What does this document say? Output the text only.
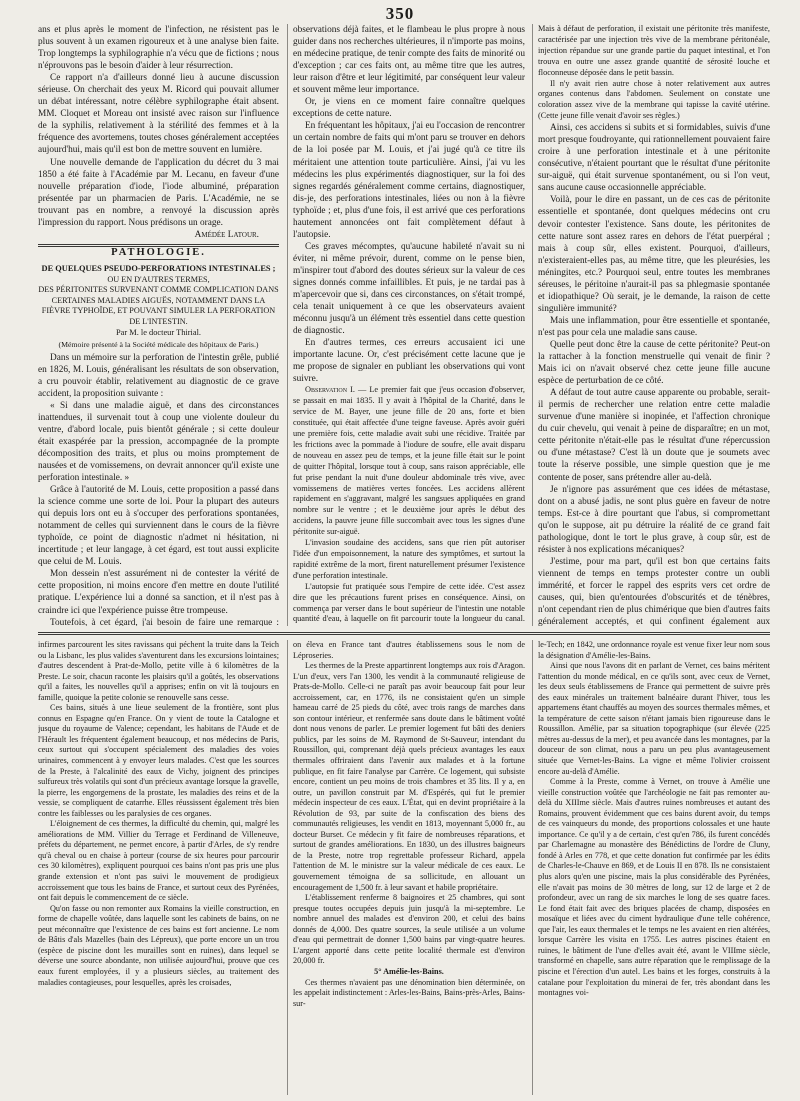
350

ans et plus après le moment de l'infection, ne résistent pas le plus souvent à un examen rigoureux et à une analyse bien faite. Trop longtemps la syphilographie n'a vécu que de fictions ; nous n'éprouvons pas le besoin d'aider à leur résurrection.

Ce rapport n'a d'ailleurs donné lieu à aucune discussion sérieuse. On cherchait des yeux M. Ricord qui pouvait allumer un débat intéressant, notre célèbre syphilographe était absent. MM. Cloquet et Moreau ont insisté avec raison sur l'influence de la syphilis, relativement à la stérilité des femmes et à la fréquence des avortemens, toutes choses généralement acceptées aujourd'hui, mais qu'il est bon de mettre souvent en lumière.

Une nouvelle demande de l'application du décret du 3 mai 1850 a été faite à l'Académie par M. Lecanu, en faveur d'une nouvelle préparation d'iode, l'iode albuminé, préparation présentée par un pharmacien de Paris. L'Académie, ne se trouvant pas en nombre, a renvoyé la discussion après l'impression du rapport. Nous prédisons un orage.

Amédée Latour.

PATHOLOGIE.

DE QUELQUES PSEUDO-PERFORATIONS INTESTINALES ;

OU EN D'AUTRES TERMES,

DES PÉRITONITES SURVENANT COMME COMPLICATION DANS CERTAINES MALADIES AIGUËS, NOTAMMENT DANS LA FIÈVRE TYPHOÏDE, ET POUVANT SIMULER LA PERFORATION DE L'INTESTIN.

Par M. le docteur Thirial.

(Mémoire présenté à la Société médicale des hôpitaux de Paris.)

Dans un mémoire sur la perforation de l'intestin grêle, publié en 1826, M. Louis, généralisant les résultats de son observation, a cru pouvoir établir, relativement au diagnostic de ce grave accident, la proposition suivante :

« Si dans une maladie aiguë, et dans des circonstances inattendues, il survenait tout à coup une violente douleur du ventre, d'abord locale, puis bientôt générale ; si cette douleur était exaspérée par la pression, accompagnée de la prompte décomposition des traits, et plus ou moins promptement de nausées et de vomissemens, on devrait annoncer qu'il existe une perforation intestinale. »

Grâce à l'autorité de M. Louis, cette proposition a passé dans la science comme une sorte de loi. Pour la plupart des auteurs qui depuis lors ont eu à s'occuper des perforations spontanées, notamment de celles qui surviennent dans le cours de la fièvre typhoïde, ce point de diagnostic n'admet ni hésitation, ni incertitude ; et leur langage, à cet égard, est tout aussi explicite que celui de M. Louis.

Mon dessein n'est assurément ni de contester la vérité de cette proposition, ni moins encore d'en mettre en doute l'utilité pratique. L'expérience lui a donné sa sanction, et il n'est pas à craindre ici que l'expérience puisse être trompeuse.

Toutefois, à cet égard, j'ai besoin de faire une remarque :

observations déjà faites, et le flambeau le plus propre à nous guider dans nos recherches ultérieures, il n'importe pas moins, en médecine pratique, de tenir compte des faits de minorité ou d'exception ; car ces faits ont, au même titre que les autres, leur raison d'être et leur légitimité, par conséquent leur valeur et souvent même leur importance.

Or, je viens en ce moment faire connaître quelques exceptions de cette nature.

En fréquentant les hôpitaux, j'ai eu l'occasion de rencontrer un certain nombre de faits qui m'ont paru se trouver en dehors de la loi posée par M. Louis, et j'ai jugé qu'à ce titre ils méritaient une attention toute particulière. Ainsi, j'ai vu les médecins les plus expérimentés diagnostiquer, sur la foi des signes regardés généralement comme certains, diagnostiquer, dis-je, des perforations intestinales, liées ou non à la fièvre typhoïde ; et, plus d'une fois, il est arrivé que ces perforations hautement annoncées ont fait complètement défaut à l'autopsie.

Ces graves mécomptes, qu'aucune habileté n'avait su ni éviter, ni même prévoir, durent, comme on le pense bien, m'inspirer tout d'abord des doutes sérieux sur la valeur de ces signes donnés comme infaillibles. Et puis, je ne tardai pas à m'apercevoir que si, dans ces circonstances, on s'était trompé, cela tenait uniquement à ce que les observateurs avaient méconnu jusqu'à un élément très essentiel dans cette question de diagnostic.

En d'autres termes, ces erreurs accusaient ici une importante lacune. Or, c'est précisément cette lacune que je me propose de signaler en publiant les observations qui vont suivre.

Observation I. — Le premier fait que j'eus occasion d'observer, se passait en mai 1835. Il y avait à l'hôpital de la Charité, dans le service de M. Bayer, une jeune fille de 20 ans, forte et bien constituée, qui était affectée d'une teigne faveuse. Après avoir guéri une première fois, cette maladie avait subi une récidive. Traitée par les frictions avec la pommade à l'iodure de soufre, elle avait disparu de nouveau en assez peu de temps, et la jeune fille était sur le point de quitter l'hôpital, lorsque tout à coup, sans raison appréciable, elle fut prise pendant la nuit d'une douleur abdominale très vive, avec vomissemens de matières vertes foncées. Les accidens allèrent rapidement en s'aggravant, malgré les sangsues appliquées en grand nombre sur le ventre ; et le deuxième jour après le début des accidens, la pauvre jeune fille succombait avec tous les signes d'une péritonite sur-aiguë.

L'invasion soudaine des accidens, sans que rien pût autoriser l'idée d'un empoisonnement, la nature des symptômes, et surtout la rapidité extrême de la mort, firent naturellement présumer l'existence d'une perforation intestinale.

L'autopsie fut pratiquée sous l'empire de cette idée. C'est assez dire que les précautions furent prises en conséquence. Ainsi, on commença par verser dans le bout supérieur de l'intestin une notable quantité d'eau, à laquelle on fit parcourir toute la longueur du canal.

Mais à défaut de perforation, il existait une péritonite très manifeste, caractérisée par une injection très vive de la membrane péritonéale, injection répandue sur une grande partie du paquet intestinal, et l'on trouva en outre une assez grande quantité de sérosité louche et floconneuse déposée dans le petit bassin.

Il n'y avait rien autre chose à noter relativement aux autres organes contenus dans l'abdomen. Seulement on constate une coloration assez vive de la membrane qui tapisse la cavité utérine. (Cette jeune fille venait d'avoir ses règles.)

Ainsi, ces accidens si subits et si formidables, suivis d'une mort presque foudroyante, qui rationnellement pouvaient faire croire à une perforation intestinale et à une péritonite consécutive, n'étaient pourtant que le résultat d'une péritonite sur-aiguë, qui était survenue spontanément, ou si l'on veut, sans aucune cause occasionnelle appréciable.

Voilà, pour le dire en passant, un de ces cas de péritonite essentielle et spontanée, dont quelques médecins ont cru devoir contester l'existence. Sans doute, les péritonites de cette nature sont assez rares en dehors de l'état puerpéral ; mais à coup sûr, elles existent. Pourquoi, d'ailleurs, n'existeraient-elles pas, au même titre, que les pleurésies, les méningites, etc.? Pourquoi seul, entre toutes les membranes séreuses, le péritoine n'aurait-il pas sa phlegmasie spontanée et idiopathique? Où serait, je le demande, la raison de cette singulière immunité?

Mais une inflammation, pour être essentielle et spontanée, n'est pas pour cela une maladie sans cause.

Quelle peut donc être la cause de cette péritonite? Peut-on la rattacher à la fonction menstruelle qui venait de finir ? Mais ici on n'avait observé chez cette jeune fille aucune espèce de perturbation de ce côté.

A défaut de tout autre cause apparente ou probable, serait-il permis de rechercher une relation entre cette maladie survenue d'une manière si inopinée, et l'affection chronique du cuir chevelu, qui venait à peine de disparaître; en un mot, cette péritonite n'était-elle pas le résultat d'une répercussion ou d'une métastase? C'est là un doute que je soumets avec toute la réserve possible, une simple question que je me contente de poser, sans prétendre aller au-delà.

Je n'ignore pas assurément que ces idées de métastase, dont on a abusé jadis, ne sont plus guère en faveur de notre temps. Est-ce à dire pourtant que l'abus, si compromettant qu'on le suppose, ait pu détruire la réalité de ce grand fait pathologique, dont le tort le plus grave, à coup sûr, est de résister à nos explications mécaniques?

J'estime, pour ma part, qu'il est bon que certains faits viennent de temps en temps protester contre un oubli immérité, et forcer le rappel des esprits vers cet ordre de causes, qui, bien qu'entourées d'obscurités et de ténèbres, n'ont cependant rien de plus chimérique que bien d'autres faits généralement acceptés, et qui confinent également aux

infirmes parcourent les sites ravissans qui péchent la truite dans la Teich ou la Lisbanc, les plus valides s'aventurent dans les excursions lointaines; d'autres descendent à Prat-de-Mollo, petite ville à 6 kilomètres de la Preste. Le soir, chacun raconte les plaisirs qu'il a goûtés, les observations qu'il a faites, les nouvelles qu'il a apprises; enfin on vit là toujours en famille, quoique la petite colonie se renouvelle sans cesse.

Ces bains, situés à une lieue seulement de la frontière, sont plus connus en Espagne qu'en France. On y vient de toute la Catalogne et jusque du royaume de Valence; cependant, les habitans de l'Aude et de l'Hérault les fréquentent également beaucoup, et nos médecins de Paris, ceux surtout qui s'occupent spécialement des maladies des voies urinaires, commencent à y envoyer leurs malades. C'est que les sources de la Preste, à l'alcalinité des eaux de Vichy, joignent des principes sulfureux très volatils qui sont d'un précieux avantage lorsque la gravelle, la pierre, les engorgemens de la prostate, les maladies des reins et de la vessie, se compliquent de catarrhe. Elles réussissent également très bien contre les faiblesses ou les paralysies de ces organes.

L'éloignement de ces thermes, la difficulté du chemin, qui, malgré les améliorations de MM. Villier du Terrage et Ferdinand de Villeneuve, préfets du département, ne permet encore, à partir d'Arles, de s'y rendre qu'à cheval ou en chaise à porteur (course de six heures pour parcourir ces 30 kilomètres), expliquent pourquoi ces bains n'ont pas pris une plus grande extension et n'ont pas suivi le mouvement de prodigieux accroissement que tous les bains de France, et surtout ceux des Pyrénées, ont fait depuis le commencement de ce siècle.

Qu'on fasse ou non remonter aux Romains la vieille construction, en forme de chapelle voûtée, dans laquelle sont les cabinets de bains, on ne peut méconnaître que l'existence de ces bains est fort ancienne. Le nom de Bâtis d'als Mazelles (bain des Lépreux), que porte encore un un trou (espèce de piscine dont les murailles sont en ruines), dans lequel se déverse une source abondante, non utilisée aujourd'hui, prouve que ces eaux furent employées, il y a plusieurs siècles, au traitement des maladies contagieuses, pour lesquelles, après les croisades,

on éleva en France tant d'autres établissemens sous le nom de Léproseries.

Les thermes de la Preste appartinrent longtemps aux rois d'Aragon. L'un d'eux, vers l'an 1300, les vendit à la communauté religieuse de Prats-de-Mollo. Celle-ci ne paraît pas avoir beaucoup fait pour leur accroissement, car, en 1776, ils ne consistaient qu'en un simple hameau carré de 25 pieds du côté, avec trois rangs de marches dans son contour intérieur, et renfermée sans doute dans le bâtiment voûté dont nous venons de parler. Le premier logement fut bâti des deniers publics, par les soins de M. Raymond de St-Sauveur, intendant du Roussillon, qui, comprenant déjà quels précieux avantages les eaux thermales offriraient dans l'avenir aux malades et à la fortune publique, en fit faire l'analyse par Carrère. Ce logement, qui subsiste encore, contient un peu moins de trois chambres et 35 lits. Il y a, en outre, un pavillon construit par M. d'Espérés, qui fut le premier médecin inspecteur de ces eaux. L'État, qui en devint propriétaire à la Révolution de 93, par suite de la confiscation des biens des communautés religieuses, les vendit en 1813, moyennant 5,000 fr., au docteur Burset. Ce médecin y fit faire de nombreuses réparations, et surtout de grandes améliorations. En 1830, un des illustres baigneurs de la Preste, notre trop regrettable professeur Richard, appela l'attention de M. le ministre sur la valeur médicale de ces eaux. Le gouvernement témoigna de sa sollicitude, en allouant un encouragement de 1,500 fr. à leur savant et habile propriétaire.

L'établissement renferme 8 baignoires et 25 chambres, qui sont presque toutes occupées depuis juin jusqu'à la mi-septembre. Le nombre annuel des malades est d'environ 200, et celui des bains donnés de 4,000. Des quatre sources, la seule utilisée a un volume d'eau qui permettrait de donner 1,500 bains par vingt-quatre heures. L'argent apporté dans cette petite localité thermale est d'environ 20,000 fr.

5° Amélie-les-Bains.

Ces thermes n'avaient pas une dénomination bien déterminée, on les appelait indistinctement : Arles-les-Bains, Bains-près-Arles, Bains-sur-

le-Tech; en 1842, une ordonnance royale est venue fixer leur nom sous la désignation d'Amélie-les-Bains.

Ainsi que nous l'avons dit en parlant de Vernet, ces bains méritent l'attention du monde médical, en ce qu'ils sont, avec ceux de Vernet, les deux seuls établissemens de France qui permettent de suivre près des eaux minérales un traitement balnéaire durant l'hiver, tous les appartemens étant chauffés au moyen des sources thermales mêmes, et la température de cette saison n'étant jamais bien rigoureuse dans le Roussillon. Amélie, par sa situation topographique (sur élevée (225 mètres au-dessus de la mer), et peu avancée dans les montagnes, par la douceur de son climat, nous a paru un peu plus avantageusement située que Vernet-les-Bains. La vigne et même l'olivier croissent encore au-delà d'Amélie.

Comme à la Preste, comme à Vernet, on trouve à Amélie une vieille construction voûtée que l'archéologie ne fait pas remonter au-delà du XIIIme siècle. Mais d'autres ruines nombreuses et autant des Romains, prouvent évidemment que ces bains durent avoir, du temps de ces vainqueurs du monde, des proportions colossales et une haute importance. Ce qu'il y a de certain, c'est qu'en 786, ils furent concédés par Charlemagne au monastère des Bénédictins de l'ordre de Cluny, fondé à Arles en 778, et que cette donation fut confirmée par les édits de Charles-le-Chauve en 869, et de Louis II en 878. Ils ne consistaient plus alors qu'en une piscine, mais la plus considérable des Pyrénées, elle n'avait pas moins de 30 mètres de long, sur 12 de large et 2 de profondeur, avec un rang de six marches le long de ses quatre faces. Le fond était fait avec des briques placées de champ, disposées en mosaïque et liées avec du ciment hydraulique d'une telle cohérence, que l'air, les eaux thermales et le temps ne les avaient en rien altérées, lorsque Carrère les visita en 1755. Les autres piscines étaient en ruines, le bâtiment de l'une d'elles avait été, avant le VIIIme siècle, transformé en chapelle, sans autre réparation que le remplissage de la piscine et l'érection d'un autel. Les bains et les forges, construits à la catalane pour l'exploitation du minerai de fer, très abondant dans les montagnes voi-
